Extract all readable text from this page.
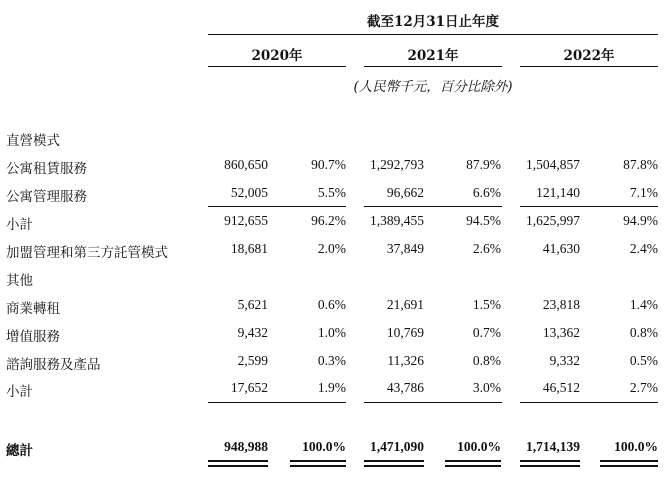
截至12月31日止年度
2020年	2021年	2022年
(人民幣千元，百分比除外)
直營模式
公寓租賃服務	860,650	90.7% 1,292,793	87.9% 1,504,857	87.8%
公寓管理服務	52,005	5.5%	96,662	6.6%	121,140	7.1%
小計	912,655	96.2% 1,389,455	94.5% 1,625,997	94.9%
加盟管理和第三方託管模式	18,681	2.0%	37,849	2.6%	41,630	2.4%
其他
商業轉租	5,621	0.6%	21,691	1.5%	23,818	1.4%
增值服務	9,432	1.0%	10,769	0.7%	13,362	0.8%
諮詢服務及產品	2,599	0.3%	11,326	0.8%	9,332	0.5%
小計	17,652	1.9%	43,786	3.0%	46,512	2.7%
總計	948,988	100.0% 1,471,090 100.0% 1,714,139	100.0%
